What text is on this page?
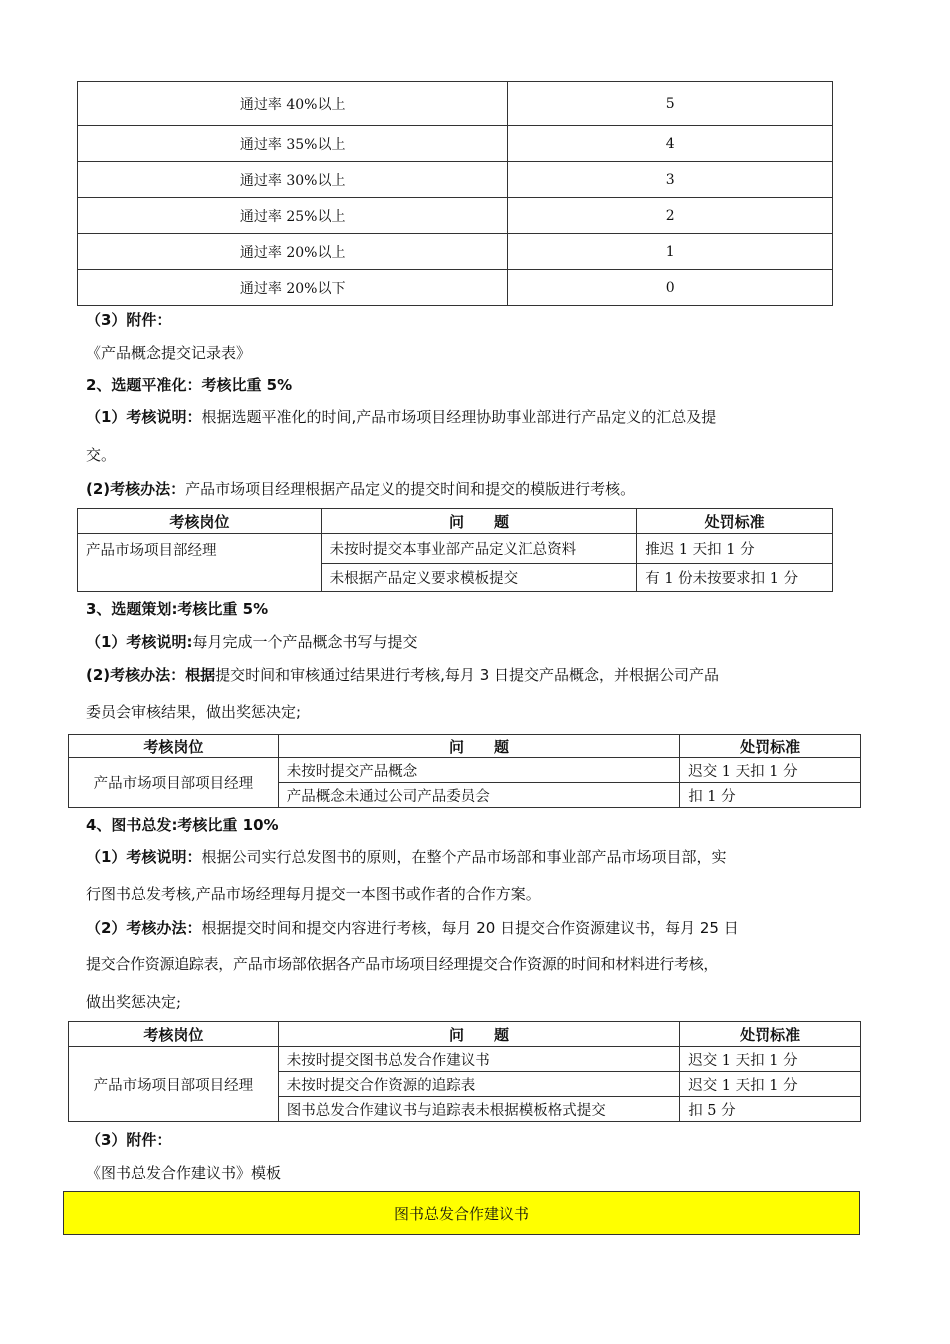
通过率 40%以上	5
通过率 35%以上	4
通过率 30%以上	3
通过率 25%以上	2
通过率 20%以上	1
通过率 20%以下	0
（3）附件：
《产品概念提交记录表》
2、选题平准化：考核比重 5%
（1）考核说明：根据选题平准化的时间,产品市场项目经理协助事业部进行产品定义的汇总及提
交。
(2)考核办法：产品市场项目经理根据产品定义的提交时间和提交的模版进行考核。
考核岗位	问　　题	处罚标准
产品市场项目部经理	未按时提交本事业部产品定义汇总资料	推迟 1 天扣 1 分
	未根据产品定义要求模板提交	有 1 份未按要求扣 1 分
3、选题策划:考核比重 5%
（1）考核说明:每月完成一个产品概念书写与提交
(2)考核办法：根据提交时间和审核通过结果进行考核,每月 3 日提交产品概念，并根据公司产品
委员会审核结果，做出奖惩决定;
考核岗位	问　　题	处罚标准
产品市场项目部项目经理	未按时提交产品概念	迟交 1 天扣 1 分
	产品概念未通过公司产品委员会	扣 1 分
4、图书总发:考核比重 10%
（1）考核说明：根据公司实行总发图书的原则，在整个产品市场部和事业部产品市场项目部，实
行图书总发考核,产品市场经理每月提交一本图书或作者的合作方案。
（2）考核办法：根据提交时间和提交内容进行考核，每月 20 日提交合作资源建议书，每月 25 日
提交合作资源追踪表，产品市场部依据各产品市场项目经理提交合作资源的时间和材料进行考核，
做出奖惩决定;
考核岗位	问　　题	处罚标准
产品市场项目部项目经理	未按时提交图书总发合作建议书	迟交 1 天扣 1 分
	未按时提交合作资源的追踪表	迟交 1 天扣 1 分
	图书总发合作建议书与追踪表未根据模板格式提交	扣 5 分
（3）附件：
《图书总发合作建议书》模板
图书总发合作建议书
